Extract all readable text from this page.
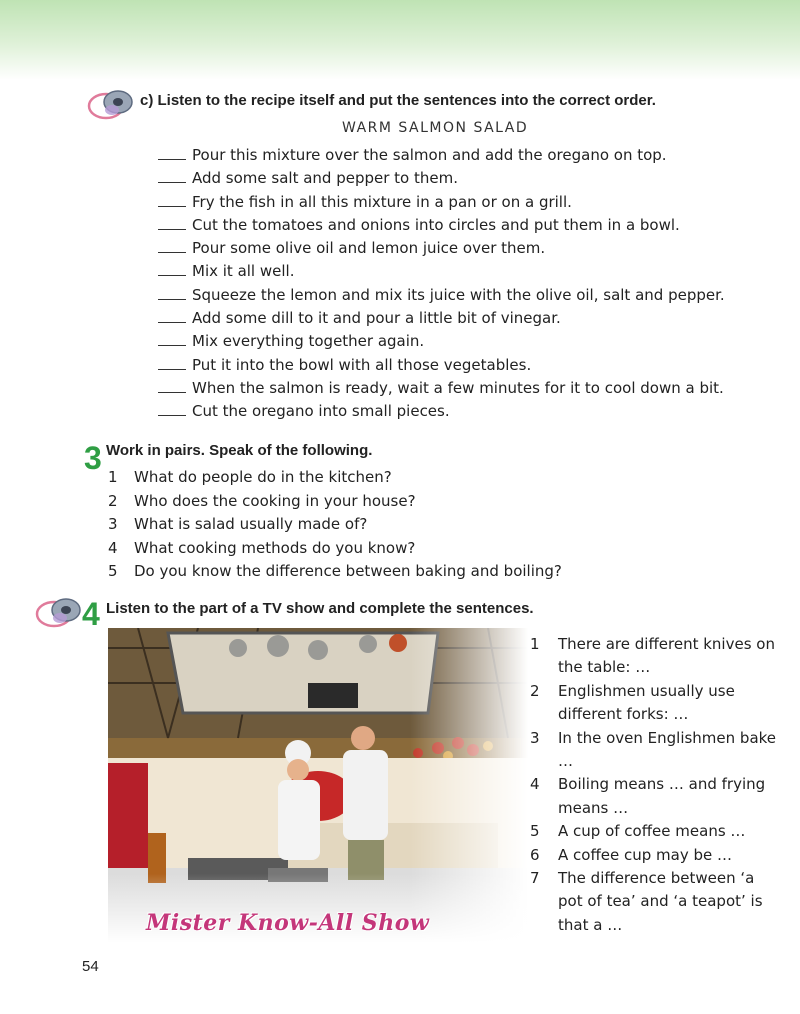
c) Listen to the recipe itself and put the sentences into the correct order.
WARM SALMON SALAD
Pour this mixture over the salmon and add the oregano on top.
Add some salt and pepper to them.
Fry the fish in all this mixture in a pan or on a grill.
Cut the tomatoes and onions into circles and put them in a bowl.
Pour some olive oil and lemon juice over them.
Mix it all well.
Squeeze the lemon and mix its juice with the olive oil, salt and pepper.
Add some dill to it and pour a little bit of vinegar.
Mix everything together again.
Put it into the bowl with all those vegetables.
When the salmon is ready, wait a few minutes for it to cool down a bit.
Cut the oregano into small pieces.
3 Work in pairs. Speak of the following.
1 What do people do in the kitchen?
2 Who does the cooking in your house?
3 What is salad usually made of?
4 What cooking methods do you know?
5 Do you know the difference between baking and boiling?
4 Listen to the part of a TV show and complete the sentences.
Mister Know-All Show
1	There are different knives on the table: …
2	Englishmen usually use different forks: …
3	In the oven Englishmen bake …
4	Boiling means … and frying means …
5	A cup of coffee means …
6	A coffee cup may be …
7	The difference between ‘a pot of tea’ and ‘a teapot’ is that a …
54
